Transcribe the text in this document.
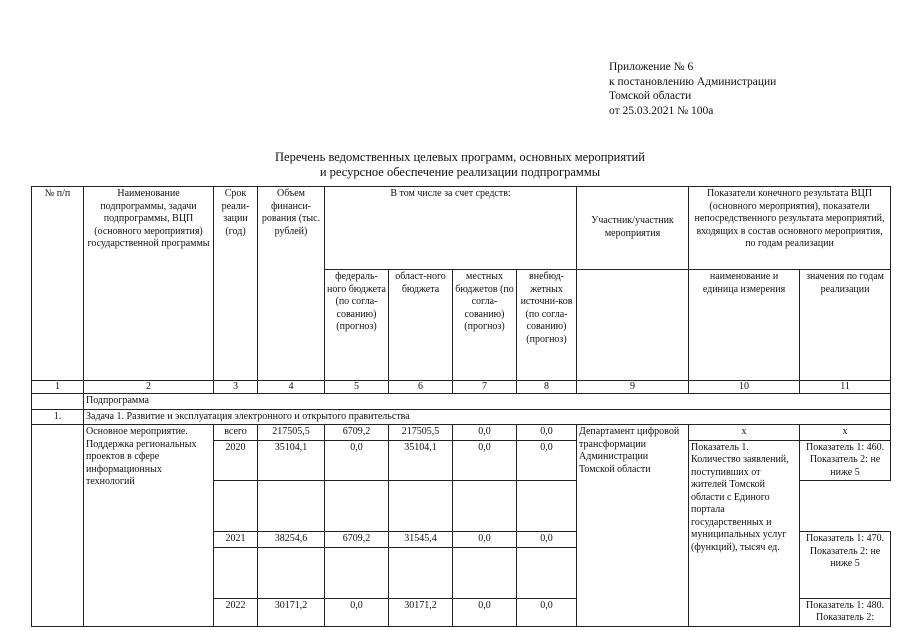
Приложение № 6
к постановлению Администрации
Томской области
от 25.03.2021 № 100а
Перечень ведомственных целевых программ, основных мероприятий
и ресурсное обеспечение реализации подпрограммы
№ п/п	Наименование подпрограммы, задачи подпрограммы, ВЦП (основного мероприятия) государственной программы	Срок реали-зации (год)	Объем финанси-рования (тыс. рублей)	В том числе за счет средств:				Участник/участник мероприятия	Показатели конечного результата ВЦП (основного мероприятия), показатели непосредственного результата мероприятий, входящих в состав основного мероприятия, по годам реализации	
				федераль-ного бюджета (по согла-сованию) (прогноз)	област-ного бюджета	местных бюджетов (по согла-сованию) (прогноз)	внебюд-жетных источни-ков (по согла-сованию) (прогноз)		наименование и единица измерения	значения по годам реализации
1	2	3	4	5	6	7	8	9	10	11
	Подпрограмма									
1.	Задача 1. Развитие и эксплуатация электронного и открытого правительства									
	Основное мероприятие. Поддержка региональных проектов в сфере информационных технологий	всего	217505,5	6709,2	217505,5	0,0	0,0	Департамент цифровой трансформации Администрации Томской области	x	x
		2020	35104,1	0,0	35104,1	0,0	0,0		Показатель 1. Количество заявлений, поступивших от жителей Томской области с Единого портала государственных и муниципальных услуг (функций), тысяч ед.	Показатель 1: 460. Показатель 2: не ниже 5

		2021	38254,6	6709,2	31545,4	0,0	0,0			Показатель 1: 470. Показатель 2: не ниже 5

		2022	30171,2	0,0	30171,2	0,0	0,0			Показатель 1: 480. Показатель 2:
